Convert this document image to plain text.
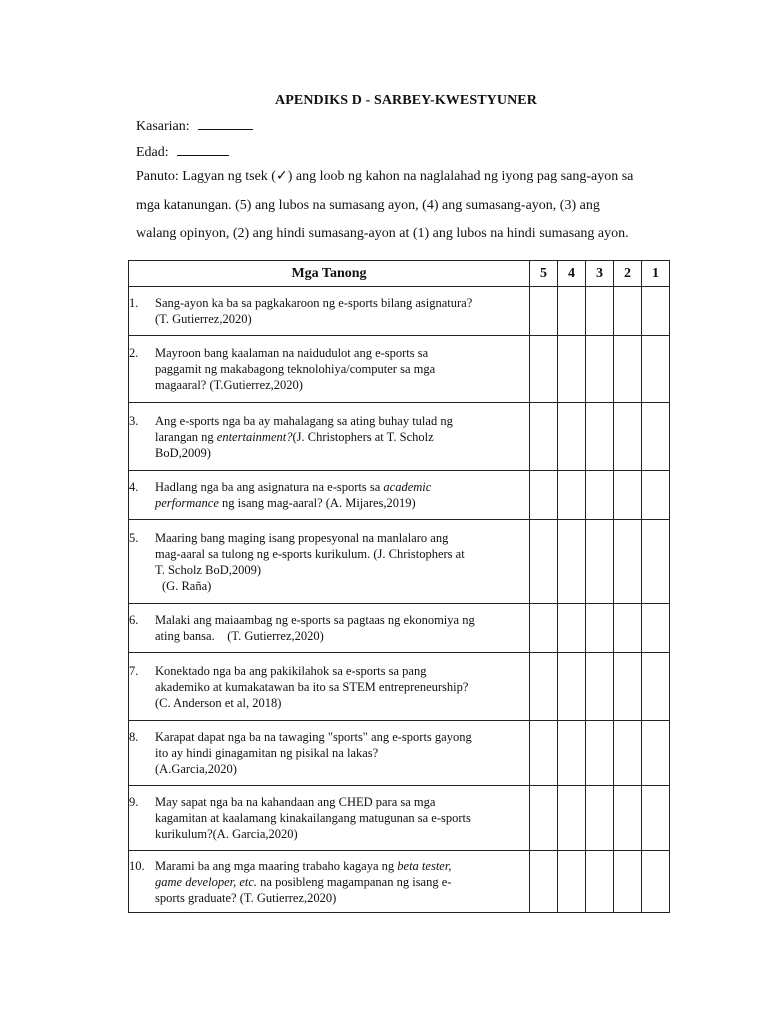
APENDIKS D - SARBEY-KWESTYUNER
Kasarian:
Edad:
Panuto: Lagyan ng tsek (✓) ang loob ng kahon na naglalahad ng iyong pag sang-ayon sa
mga katanungan. (5) ang lubos na sumasang ayon, (4) ang sumasang-ayon, (3) ang
walang opinyon, (2) ang hindi sumasang-ayon at (1) ang lubos na hindi sumasang ayon.
Mga Tanong	5	4	3	2	1

1. Sang-ayon ka ba sa pagkakaroon ng e-sports bilang asignatura?
(T. Gutierrez,2020)					

2. Mayroon bang kaalaman na naidudulot ang e-sports sa
paggamit ng makabagong teknolohiya/computer sa mga
magaaral? (T.Gutierrez,2020)					

3. Ang e-sports nga ba ay mahalagang sa ating buhay tulad ng
larangan ng entertainment?(J. Christophers at T. Scholz
BoD,2009)					

4. Hadlang nga ba ang asignatura na e-sports sa academic
performance ng isang mag-aaral? (A. Mijares,2019)					

5. Maaring bang maging isang propesyonal na manlalaro ang
mag-aaral sa tulong ng e-sports kurikulum. (J. Christophers at
T. Scholz BoD,2009)
(G. Raña)					

6. Malaki ang maiaambag ng e-sports sa pagtaas ng ekonomiya ng
ating bansa.    (T. Gutierrez,2020)					

7. Konektado nga ba ang pakikilahok sa e-sports sa pang
akademiko at kumakatawan ba ito sa STEM entrepreneurship?
(C. Anderson et al, 2018)					

8. Karapat dapat nga ba na tawaging "sports" ang e-sports gayong
ito ay hindi ginagamitan ng pisikal na lakas?
(A.Garcia,2020)					

9. May sapat nga ba na kahandaan ang CHED para sa mga
kagamitan at kaalamang kinakailangang matugunan sa e-sports
kurikulum?(A. Garcia,2020)					

10. Marami ba ang mga maaring trabaho kagaya ng beta tester,
game developer, etc. na posibleng magampanan ng isang e-
sports graduate? (T. Gutierrez,2020)					
